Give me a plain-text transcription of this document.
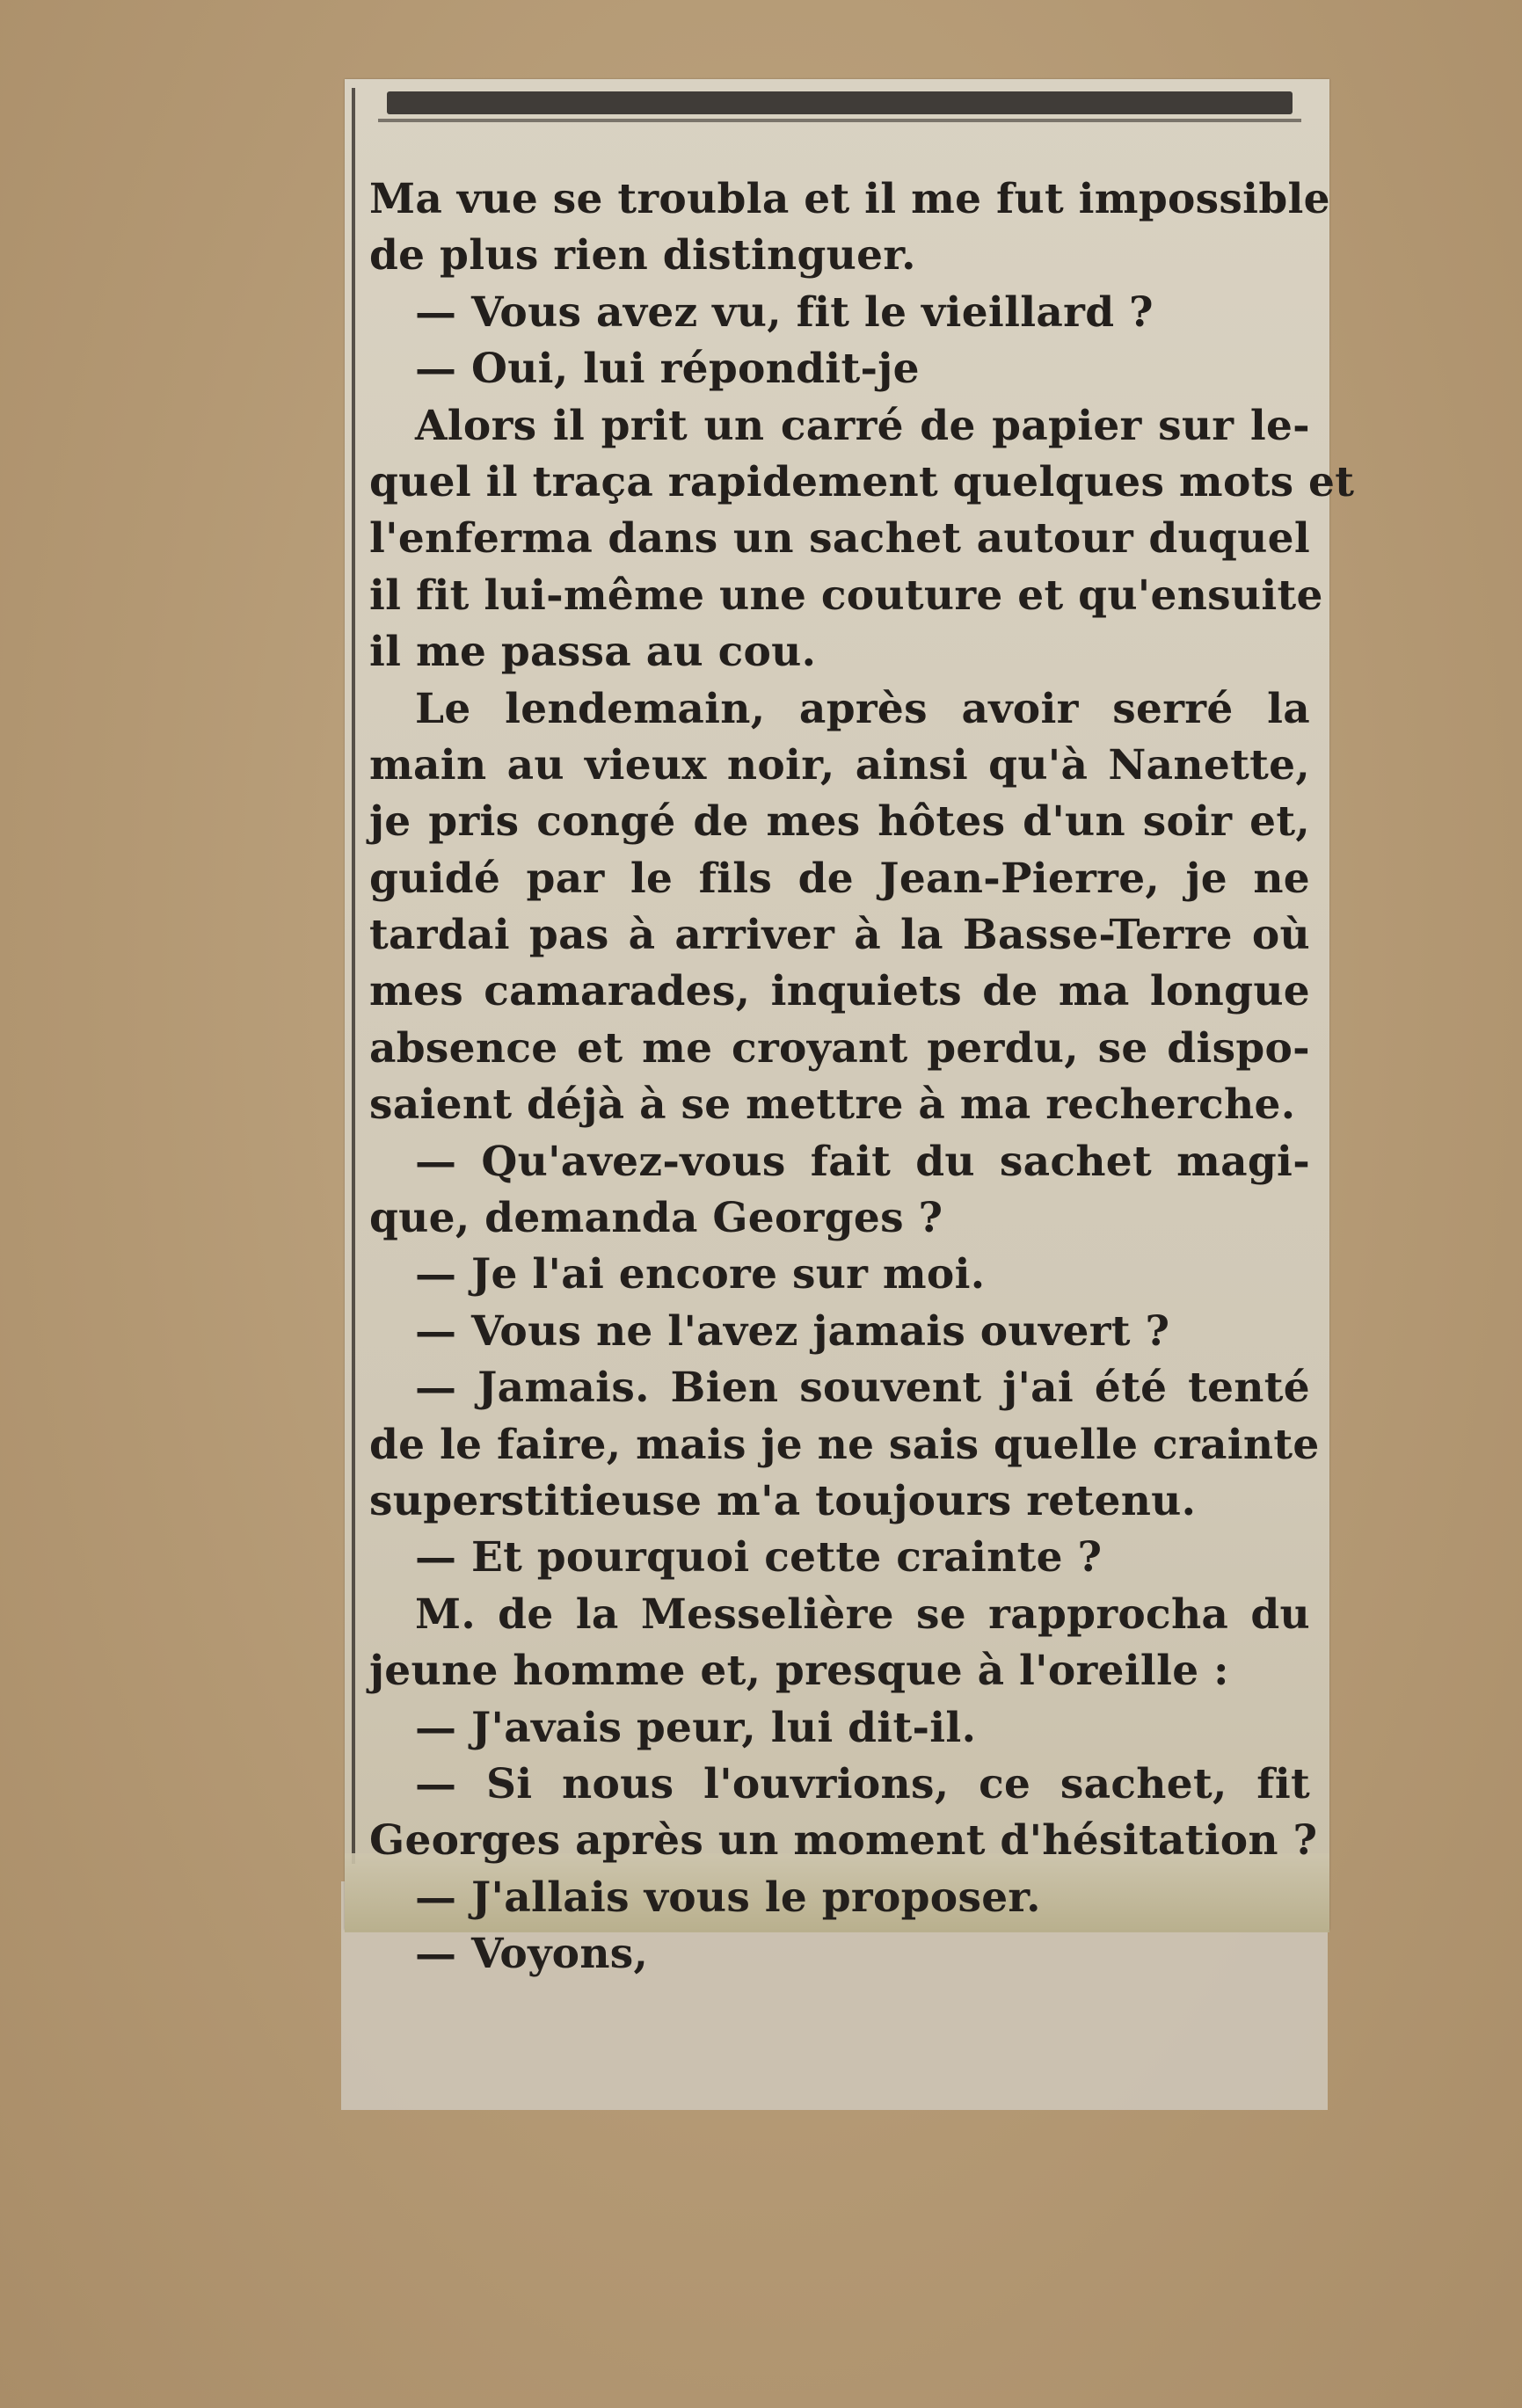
Ma vue se troubla et il me fut impossible
de plus rien distinguer.
— Vous avez vu, fit le vieillard ?
— Oui, lui répondit-je
Alors il prit un carré de papier sur le-
quel il traça rapidement quelques mots et
l'enferma dans un sachet autour duquel
il fit lui-même une couture et qu'ensuite
il me passa au cou.
Le lendemain, après avoir serré la
main au vieux noir, ainsi qu'à Nanette,
je pris congé de mes hôtes d'un soir et,
guidé par le fils de Jean-Pierre, je ne
tardai pas à arriver à la Basse-Terre où
mes camarades, inquiets de ma longue
absence et me croyant perdu, se dispo-
saient déjà à se mettre à ma recherche.
— Qu'avez-vous fait du sachet magi-
que, demanda Georges ?
— Je l'ai encore sur moi.
— Vous ne l'avez jamais ouvert ?
— Jamais. Bien souvent j'ai été tenté
de le faire, mais je ne sais quelle crainte
superstitieuse m'a toujours retenu.
— Et pourquoi cette crainte ?
M. de la Messelière se rapprocha du
jeune homme et, presque à l'oreille :
— J'avais peur, lui dit-il.
— Si nous l'ouvrions, ce sachet, fit
Georges après un moment d'hésitation ?
— J'allais vous le proposer.
— Voyons,
